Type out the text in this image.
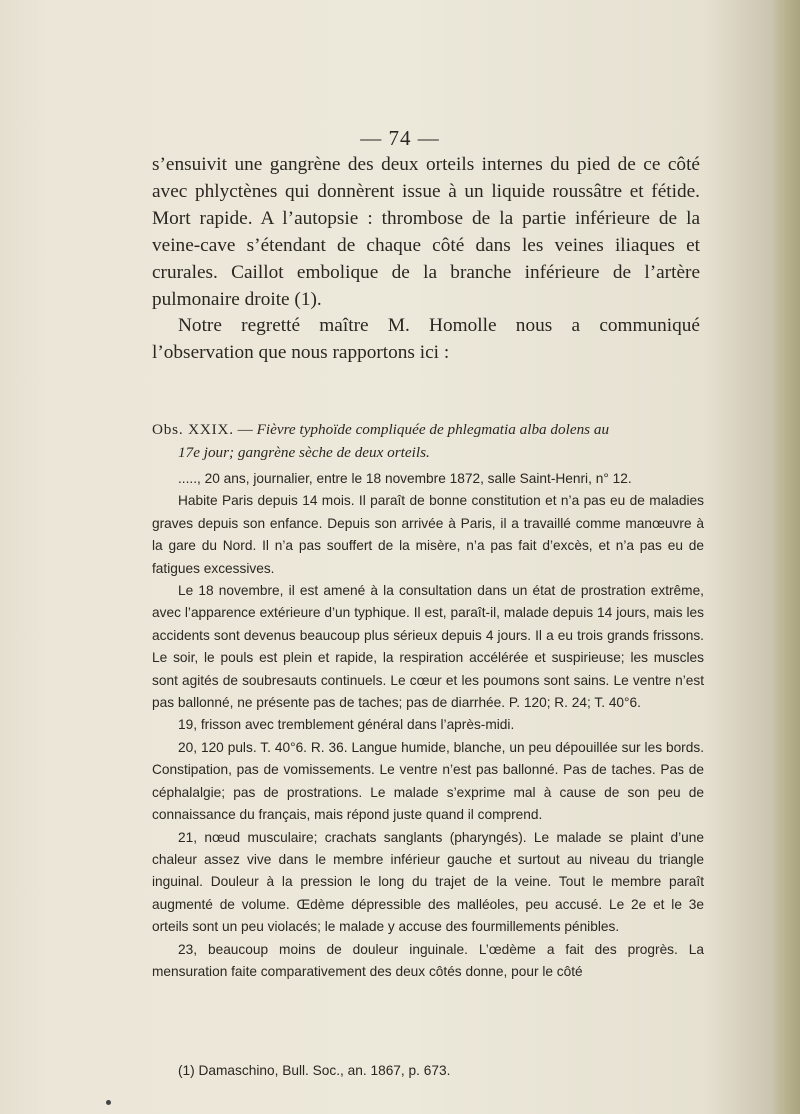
— 74 —

s’ensuivit une gangrène des deux orteils internes du pied de ce côté avec phlyctènes qui donnèrent issue à un liquide roussâtre et fétide. Mort rapide. A l’autopsie : thrombose de la partie inférieure de la veine-cave s’étendant de chaque côté dans les veines iliaques et crurales. Caillot embolique de la branche inférieure de l’artère pulmonaire droite (1).

Notre regretté maître M. Homolle nous a communiqué l’observation que nous rapportons ici :

Obs. XXIX. — Fièvre typhoïde compliquée de phlegmatia alba dolens au
17e jour; gangrène sèche de deux orteils.

....., 20 ans, journalier, entre le 18 novembre 1872, salle Saint-Henri, n° 12.

Habite Paris depuis 14 mois. Il paraît de bonne constitution et n’a pas eu de maladies graves depuis son enfance. Depuis son arrivée à Paris, il a travaillé comme manœuvre à la gare du Nord. Il n’a pas souffert de la misère, n’a pas fait d’excès, et n’a pas eu de fatigues excessives.

Le 18 novembre, il est amené à la consultation dans un état de prostration extrême, avec l’apparence extérieure d’un typhique. Il est, paraît-il, malade depuis 14 jours, mais les accidents sont devenus beaucoup plus sérieux depuis 4 jours. Il a eu trois grands frissons. Le soir, le pouls est plein et rapide, la respiration accélérée et suspirieuse; les muscles sont agités de soubresauts continuels. Le cœur et les poumons sont sains. Le ventre n’est pas ballonné, ne présente pas de taches; pas de diarrhée. P. 120; R. 24; T. 40°6.

19, frisson avec tremblement général dans l’après-midi.

20, 120 puls. T. 40°6. R. 36. Langue humide, blanche, un peu dépouillée sur les bords. Constipation, pas de vomissements. Le ventre n’est pas ballonné. Pas de taches. Pas de céphalalgie; pas de prostrations. Le malade s’exprime mal à cause de son peu de connaissance du français, mais répond juste quand il comprend.

21, nœud musculaire; crachats sanglants (pharyngés). Le malade se plaint d’une chaleur assez vive dans le membre inférieur gauche et surtout au niveau du triangle inguinal. Douleur à la pression le long du trajet de la veine. Tout le membre paraît augmenté de volume. Œdème dépressible des malléoles, peu accusé. Le 2e et le 3e orteils sont un peu violacés; le malade y accuse des fourmillements pénibles.

23, beaucoup moins de douleur inguinale. L’œdème a fait des progrès. La mensuration faite comparativement des deux côtés donne, pour le côté

(1) Damaschino, Bull. Soc., an. 1867, p. 673.
